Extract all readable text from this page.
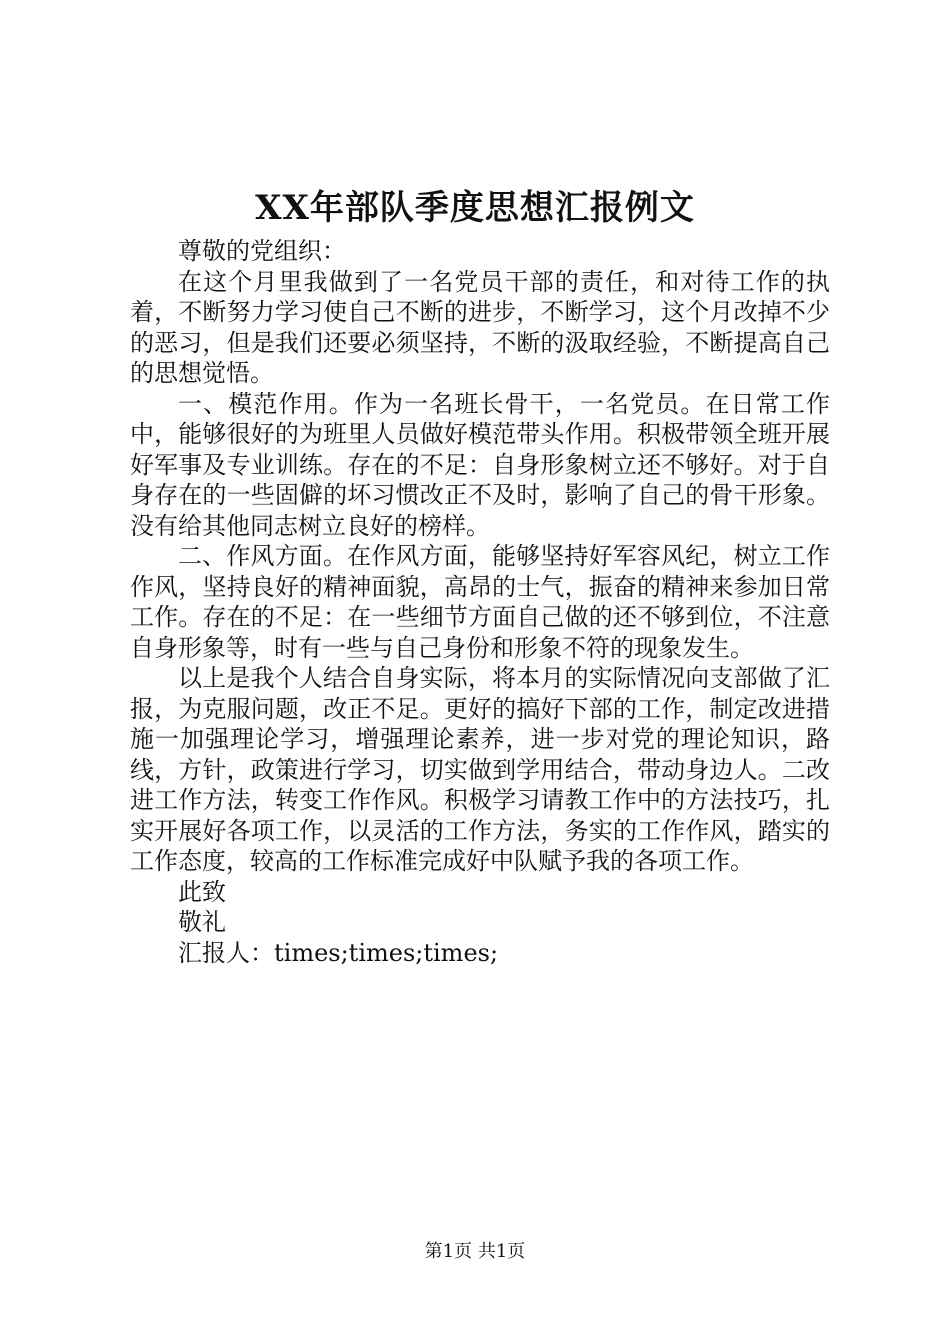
XX年部队季度思想汇报例文

尊敬的党组织：

在这个月里我做到了一名党员干部的责任，和对待工作的执着，不断努力学习使自己不断的进步，不断学习，这个月改掉不少的恶习，但是我们还要必须坚持，不断的汲取经验，不断提高自己的思想觉悟。

一、模范作用。作为一名班长骨干，一名党员。在日常工作中，能够很好的为班里人员做好模范带头作用。积极带领全班开展好军事及专业训练。存在的不足：自身形象树立还不够好。对于自身存在的一些固僻的坏习惯改正不及时，影响了自己的骨干形象。没有给其他同志树立良好的榜样。

二、作风方面。在作风方面，能够坚持好军容风纪，树立工作作风，坚持良好的精神面貌，高昂的士气，振奋的精神来参加日常工作。存在的不足：在一些细节方面自己做的还不够到位，不注意自身形象等，时有一些与自己身份和形象不符的现象发生。

以上是我个人结合自身实际，将本月的实际情况向支部做了汇报，为克服问题，改正不足。更好的搞好下部的工作，制定改进措施一加强理论学习，增强理论素养，进一步对党的理论知识，路线，方针，政策进行学习，切实做到学用结合，带动身边人。二改进工作方法，转变工作作风。积极学习请教工作中的方法技巧，扎实开展好各项工作，以灵活的工作方法，务实的工作作风，踏实的工作态度，较高的工作标准完成好中队赋予我的各项工作。

此致

敬礼

汇报人：times;times;times;

第1页 共1页
